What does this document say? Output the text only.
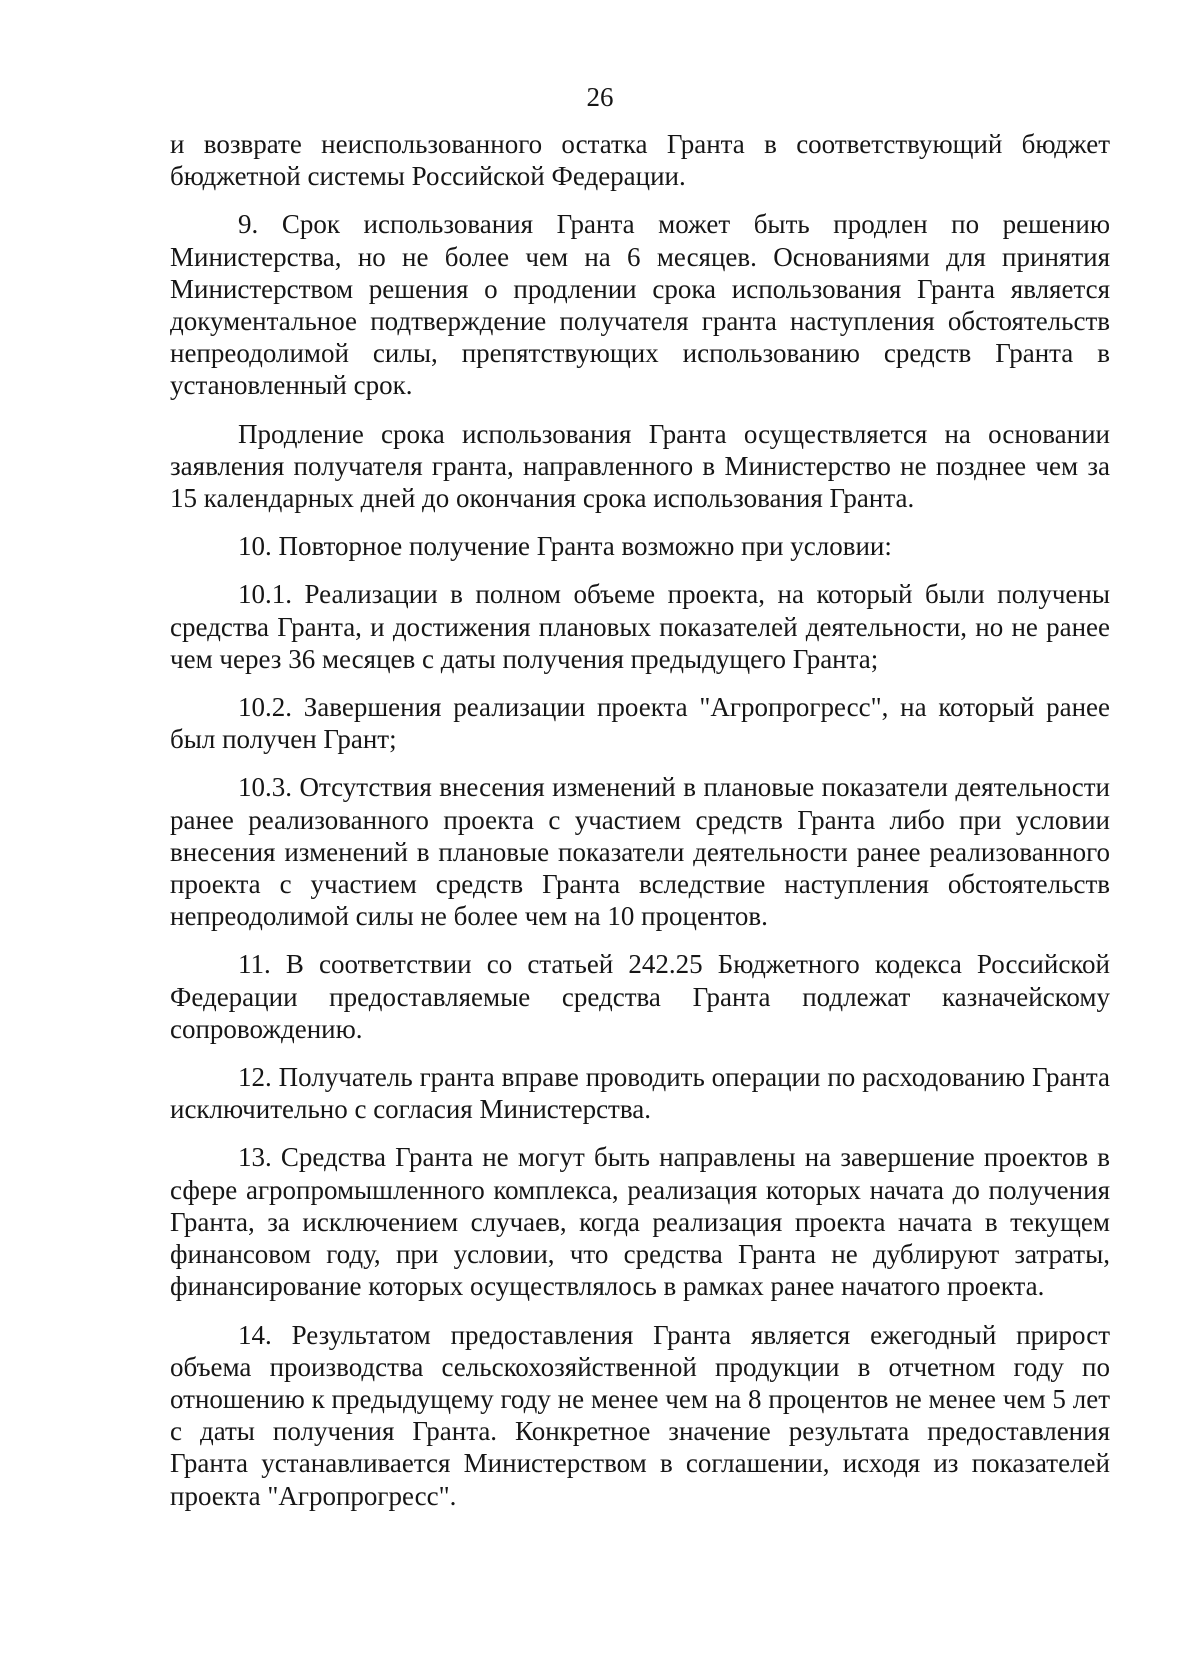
26

и возврате неиспользованного остатка Гранта в соответствующий бюджет бюджетной системы Российской Федерации.

9. Срок использования Гранта может быть продлен по решению Министерства, но не более чем на 6 месяцев. Основаниями для принятия Министерством решения о продлении срока использования Гранта является документальное подтверждение получателя гранта наступления обстоятельств непреодолимой силы, препятствующих использованию средств Гранта в установленный срок.

Продление срока использования Гранта осуществляется на основании заявления получателя гранта, направленного в Министерство не позднее чем за 15 календарных дней до окончания срока использования Гранта.

10. Повторное получение Гранта возможно при условии:

10.1. Реализации в полном объеме проекта, на который были получены средства Гранта, и достижения плановых показателей деятельности, но не ранее чем через 36 месяцев с даты получения предыдущего Гранта;

10.2. Завершения реализации проекта "Агропрогресс", на который ранее был получен Грант;

10.3. Отсутствия внесения изменений в плановые показатели деятельности ранее реализованного проекта с участием средств Гранта либо при условии внесения изменений в плановые показатели деятельности ранее реализованного проекта с участием средств Гранта вследствие наступления обстоятельств непреодолимой силы не более чем на 10 процентов.

11. В соответствии со статьей 242.25 Бюджетного кодекса Российской Федерации предоставляемые средства Гранта подлежат казначейскому сопровождению.

12. Получатель гранта вправе проводить операции по расходованию Гранта исключительно с согласия Министерства.

13. Средства Гранта не могут быть направлены на завершение проектов в сфере агропромышленного комплекса, реализация которых начата до получения Гранта, за исключением случаев, когда реализация проекта начата в текущем финансовом году, при условии, что средства Гранта не дублируют затраты, финансирование которых осуществлялось в рамках ранее начатого проекта.

14. Результатом предоставления Гранта является ежегодный прирост объема производства сельскохозяйственной продукции в отчетном году по отношению к предыдущему году не менее чем на 8 процентов не менее чем 5 лет с даты получения Гранта. Конкретное значение результата предоставления Гранта устанавливается Министерством в соглашении, исходя из показателей проекта "Агропрогресс".
